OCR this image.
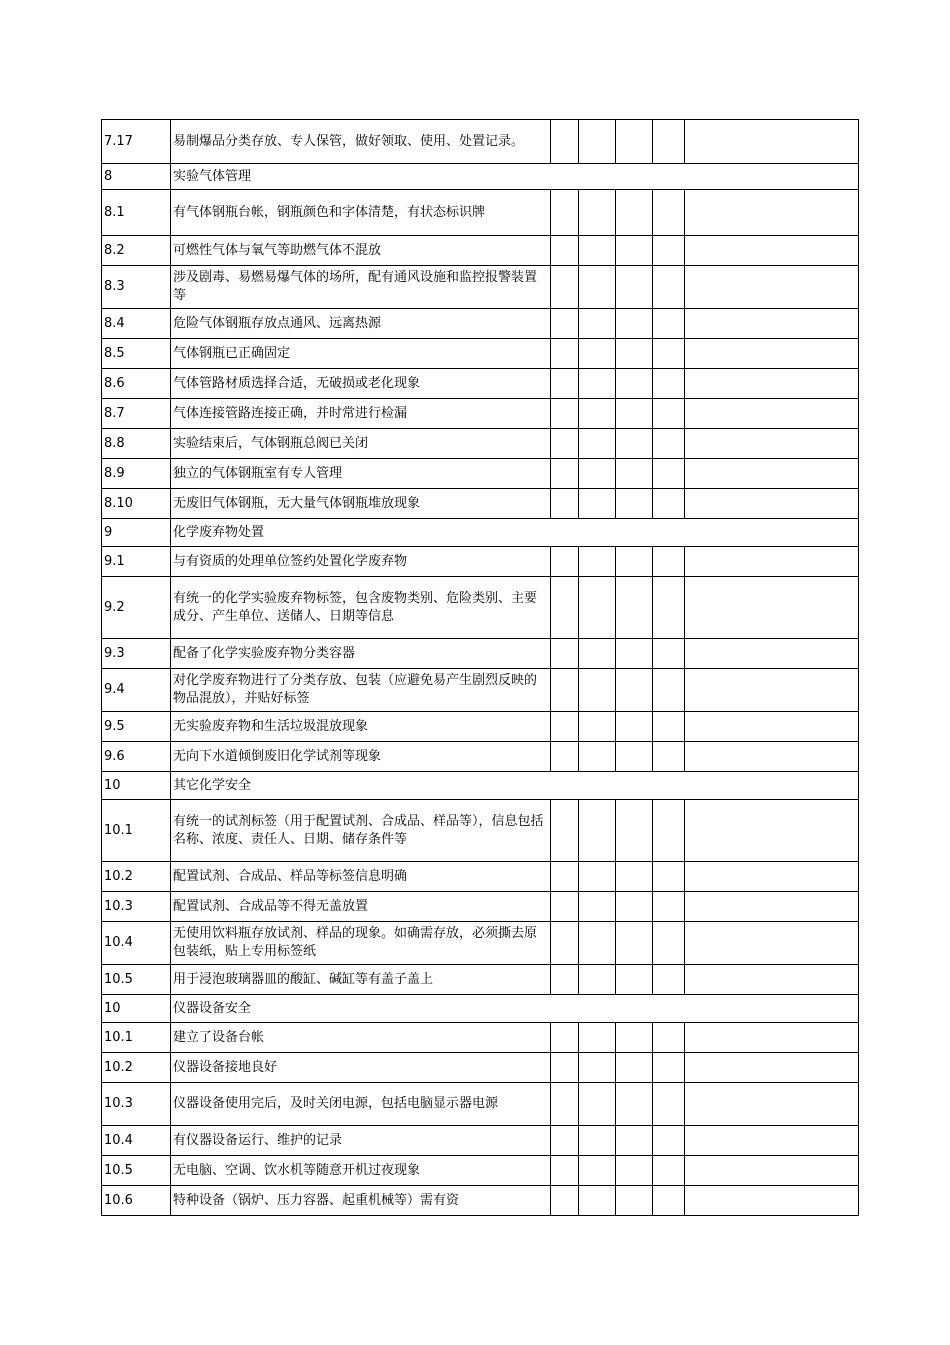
7.17	易制爆品分类存放、专人保管，做好领取、使用、处置记录。					
8	实验气体管理					
8.1	有气体钢瓶台帐，钢瓶颜色和字体清楚，有状态标识牌					
8.2	可燃性气体与氧气等助燃气体不混放					
8.3	涉及剧毒、易燃易爆气体的场所，配有通风设施和监控报警装置等					
8.4	危险气体钢瓶存放点通风、远离热源					
8.5	气体钢瓶已正确固定					
8.6	气体管路材质选择合适，无破损或老化现象					
8.7	气体连接管路连接正确，并时常进行检漏					
8.8	实验结束后，气体钢瓶总阀已关闭					
8.9	独立的气体钢瓶室有专人管理					
8.10	无废旧气体钢瓶，无大量气体钢瓶堆放现象					
9	化学废弃物处置					
9.1	与有资质的处理单位签约处置化学废弃物					
9.2	有统一的化学实验废弃物标签，包含废物类别、危险类别、主要成分、产生单位、送储人、日期等信息					
9.3	配备了化学实验废弃物分类容器					
9.4	对化学废弃物进行了分类存放、包装（应避免易产生剧烈反映的物品混放），并贴好标签					
9.5	无实验废弃物和生活垃圾混放现象					
9.6	无向下水道倾倒废旧化学试剂等现象					
10	其它化学安全					
10.1	有统一的试剂标签（用于配置试剂、合成品、样品等），信息包括名称、浓度、责任人、日期、储存条件等					
10.2	配置试剂、合成品、样品等标签信息明确					
10.3	配置试剂、合成品等不得无盖放置					
10.4	无使用饮料瓶存放试剂、样品的现象。如确需存放，必须撕去原包装纸，贴上专用标签纸					
10.5	用于浸泡玻璃器皿的酸缸、碱缸等有盖子盖上					
10	仪器设备安全					
10.1	建立了设备台帐					
10.2	仪器设备接地良好					
10.3	仪器设备使用完后，及时关闭电源，包括电脑显示器电源					
10.4	有仪器设备运行、维护的记录					
10.5	无电脑、空调、饮水机等随意开机过夜现象					
10.6	特种设备（锅炉、压力容器、起重机械等）需有资					
